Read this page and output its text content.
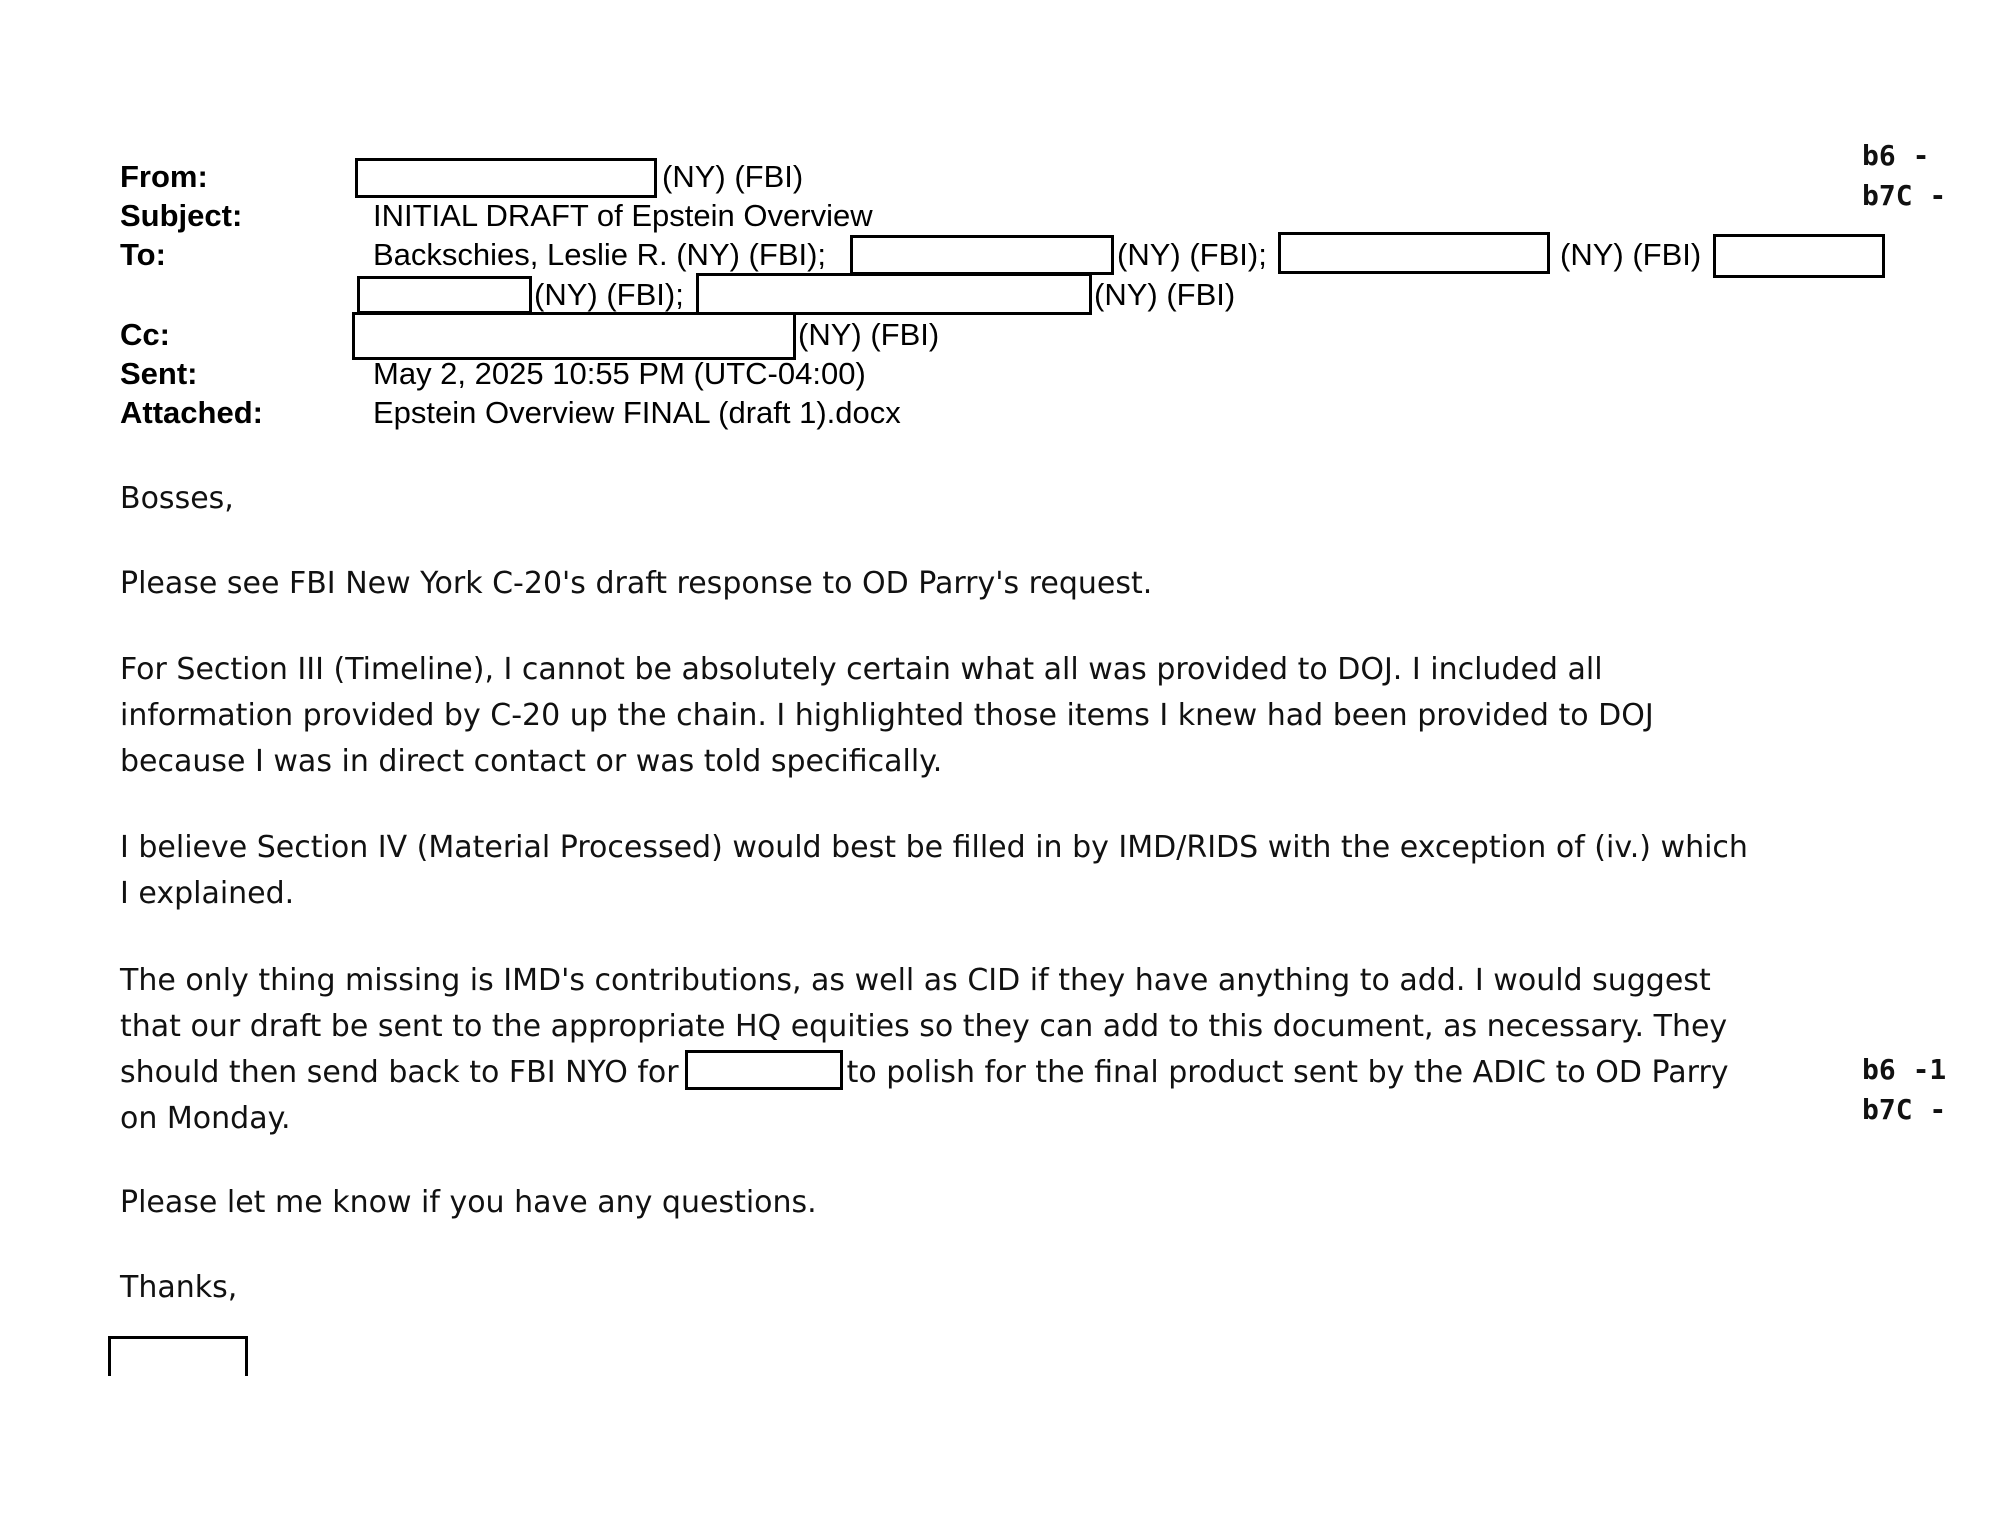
From:	(NY) (FBI)
Subject:	INITIAL DRAFT of Epstein Overview
To:	Backschies, Leslie R. (NY) (FBI);	(NY) (FBI);	(NY) (FBI)
(NY) (FBI);	(NY) (FBI)
Cc:	(NY) (FBI)
Sent:	May 2, 2025 10:55 PM (UTC-04:00)
Attached:	Epstein Overview FINAL (draft 1).docx
Bosses,
Please see FBI New York C-20's draft response to OD Parry's request.
For Section III (Timeline), I cannot be absolutely certain what all was provided to DOJ. I included all
information provided by C-20 up the chain. I highlighted those items I knew had been provided to DOJ
because I was in direct contact or was told specifically.
I believe Section IV (Material Processed) would best be filled in by IMD/RIDS with the exception of (iv.) which
I explained.
The only thing missing is IMD's contributions, as well as CID if they have anything to add. I would suggest
that our draft be sent to the appropriate HQ equities so they can add to this document, as necessary. They
should then send back to FBI NYO for	to polish for the final product sent by the ADIC to OD Parry
on Monday.
Please let me know if you have any questions.
Thanks,
b6 -
b7C -
b6 -1
b7C -
